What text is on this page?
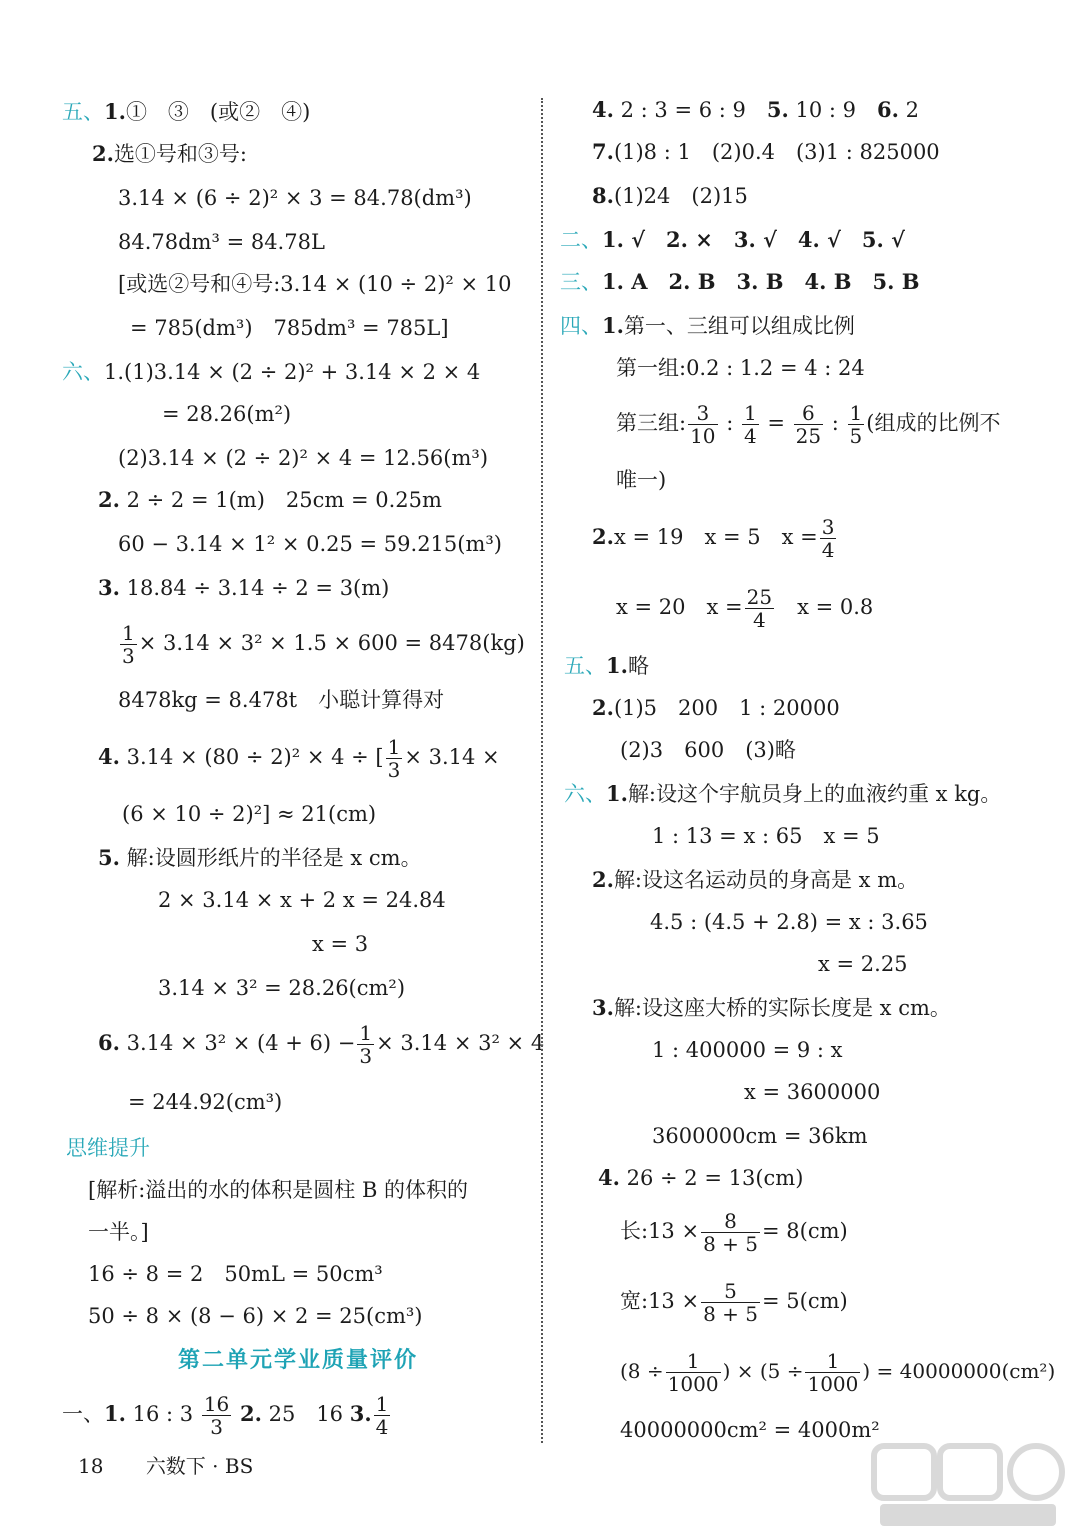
五、1.①　③　(或②　④)
2.选①号和③号:
3.14 × (6 ÷ 2)² × 3 = 84.78(dm³)
84.78dm³ = 84.78L
[或选②号和④号:3.14 × (10 ÷ 2)² × 10
= 785(dm³)　785dm³ = 785L]
六、1.(1)3.14 × (2 ÷ 2)² + 3.14 × 2 × 4
= 28.26(m²)
(2)3.14 × (2 ÷ 2)² × 4 = 12.56(m³)
2. 2 ÷ 2 = 1(m)　25cm = 0.25m
60 − 3.14 × 1² × 0.25 = 59.215(m³)
3. 18.84 ÷ 3.14 ÷ 2 = 3(m)
$\frac{1}{3} \times 3.14 \times 3^2 \times 1.5 \times 600 = 8478(kg)$
8478kg = 8.478t　小聪计算得对
4. 3.14 × (80 ÷ 2)² × 4 ÷ [ $\frac{1}{3} \times 3.14$ ×
(6 × 10 ÷ 2)²] ≈ 21(cm)
5. 解:设圆形纸片的半径是 x cm。
2 × 3.14 × x + 2 x = 24.84
x = 3
3.14 × 3² = 28.26(cm²)
6. $3.14 \times 3^2 \times (4 + 6) - \frac{1}{3} \times 3.14 \times 3^2 \times 4$
= 244.92(cm³)
思维提升
[解析:溢出的水的体积是圆柱 B 的体积的
一半。]
16 ÷ 8 = 2　50mL = 50cm³
50 ÷ 8 × (8 − 6) × 2 = 25(cm³)
第二单元学业质量评价
一、1. 16 : $3 \frac{16}{3} 2$. 25　16 3. $\frac{1}{4}$
4. 2 : 3 = 6 : 9　 5. 10 : 9　 6. 2
7.(1)8 : 1　(2)0.4　(3)1 : 825000
8.(1)24　(2)15
二、1. √　2. ×　3. √　4. √　5. √
三、1. A　2. B　3. B　4. B　5. B
四、1.第一、三组可以组成比例
第一组:0.2 : 1.2 = 4 : 24
第三组: $\frac{3}{10}$ : $\frac{1}{4} = \frac{6}{25}$ : $\frac{1}{5}$ (组成的比例不
唯一)
2.x = 19　x = 5　$x = \frac{3}{4}$
x = 20　$x = \frac{25}{4}$
　 x = 0.8
五、1.略
2.(1)5　200　1 : 20000
(2)3　600　(3)略
六、1.解:设这个宇航员身上的血液约重 x kg。
1 : 13 = x : 65　x = 5
2.解:设这名运动员的身高是 x m。
4.5 : (4.5 + 2.8) = x : 3.65
x = 2.25
3.解:设这座大桥的实际长度是 x cm。
1 : 400000 = 9 : x
x = 3600000
3600000cm = 36km
4. 26 ÷ 2 = 13(cm)
长:13 × $\frac{8}{8 + 5} = 8(cm)$
宽:13 × $\frac{5}{8 + 5} = 5(cm)$
($8 \div \frac{1}{1000}$ ) × ($5 \div \frac{1}{1000}$ ) = 40000000(cm²)
40000000cm² = 4000m²
18 六数下 · BS
